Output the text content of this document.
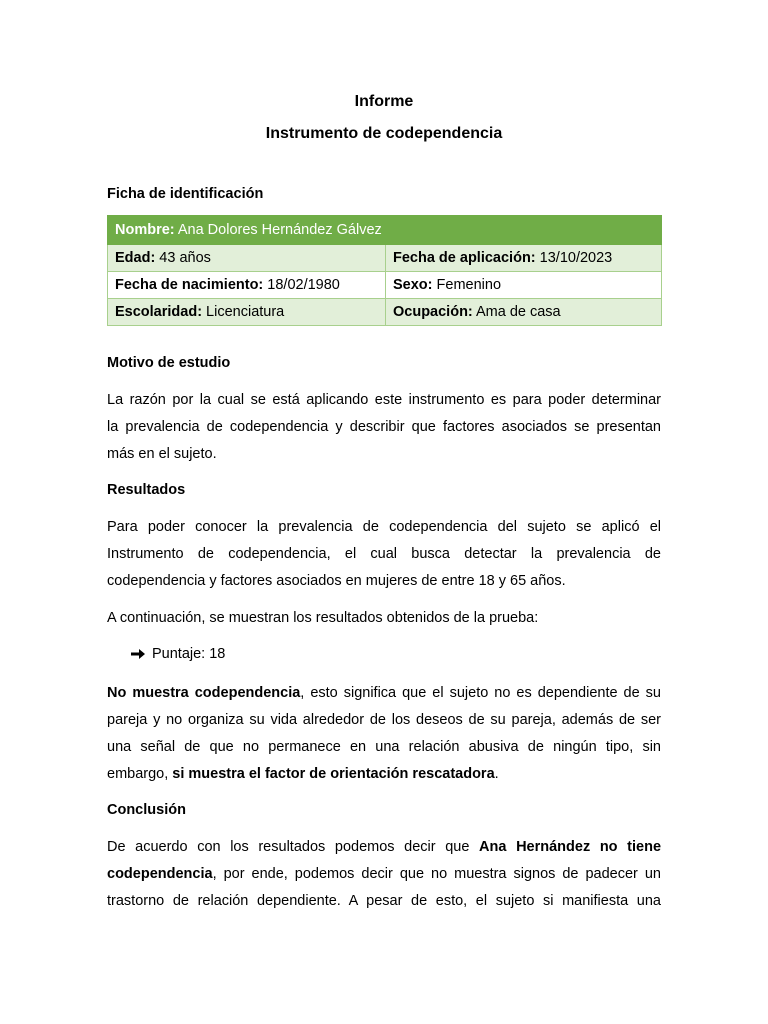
Informe
Instrumento de codependencia
Ficha de identificación
Nombre: Ana Dolores Hernández Gálvez	
Edad: 43 años	Fecha de aplicación: 13/10/2023
Fecha de nacimiento: 18/02/1980	Sexo: Femenino
Escolaridad: Licenciatura	Ocupación: Ama de casa
Motivo de estudio
La razón por la cual se está aplicando este instrumento es para poder determinar
la prevalencia de codependencia y describir que factores asociados se presentan
más en el sujeto.
Resultados
Para poder conocer la prevalencia de codependencia del sujeto se aplicó el
Instrumento de codependencia, el cual busca detectar la prevalencia de
codependencia y factores asociados en mujeres de entre 18 y 65 años.
A continuación, se muestran los resultados obtenidos de la prueba:
Puntaje: 18
No muestra codependencia, esto significa que el sujeto no es dependiente de su
pareja y no organiza su vida alrededor de los deseos de su pareja, además de ser
una señal de que no permanece en una relación abusiva de ningún tipo, sin
embargo, si muestra el factor de orientación rescatadora.
Conclusión
De acuerdo con los resultados podemos decir que Ana Hernández no tiene
codependencia, por ende, podemos decir que no muestra signos de padecer un
trastorno de relación dependiente. A pesar de esto, el sujeto si manifiesta una
